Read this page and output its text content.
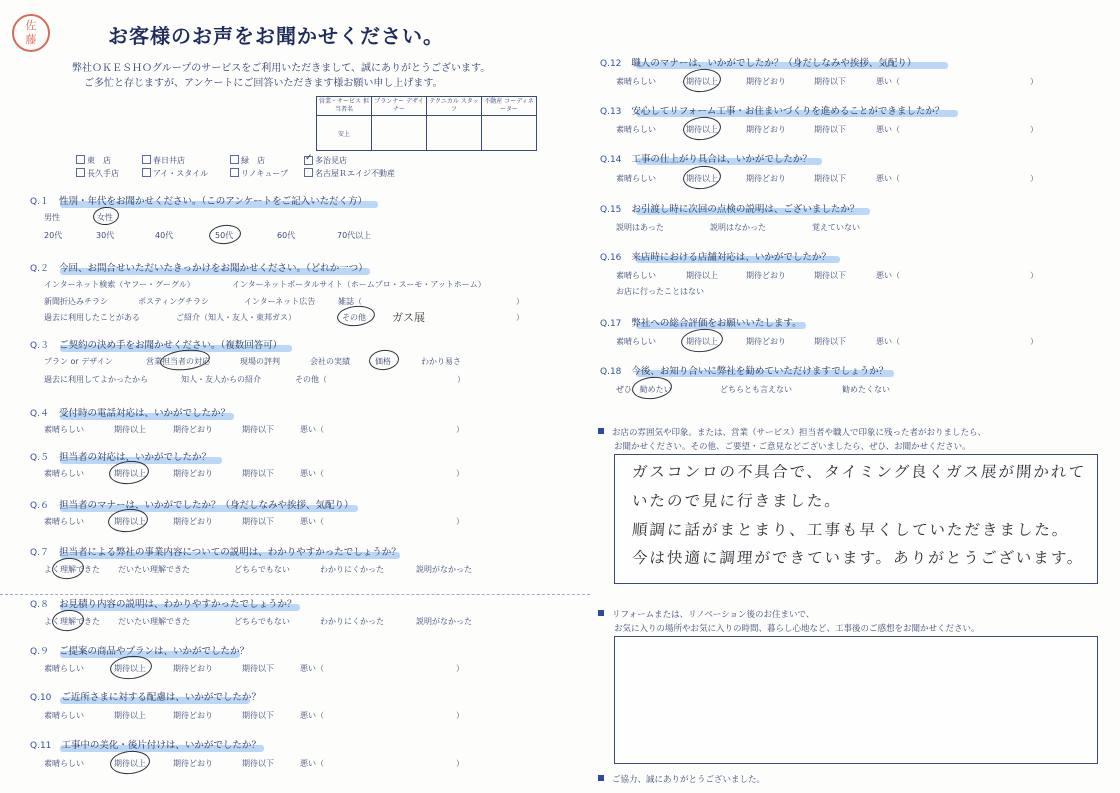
佐
藤	お客様のお声をお聞かせください。
弊社ＯＫＥＳＨＯグループのサービスをご利用いただきまして、誠にありがとうございます。
ご多忙と存じますが、アンケートにご回答いただきます様お願い申し上げます。
営業・サービス 担当者名	プランナー デザイナー	テクニカル スタッフ	不動産 コーディネーター
安上			
東　店	春日井店	緑　店 ✓	多治見店
長久手店	アイ・スタイル	リノキューブ	名古屋Ｒエイジ不動産
Q.１ 性別・年代をお聞かせください。（このアンケートをご記入いただく方）
男性	女性
20代	30代	40代	50代	60代	70代以上
Q.２ 今回、お問合せいただいたきっかけをお聞かせください。（どれか一つ）
インターネット検索（ヤフー・グーグル）	インターネットポータルサイト（ホームプロ・スーモ・アットホーム）
新聞折込みチラシ	ポスティングチラシ	インターネット広告	雑誌（	）
過去に利用したことがある	ご紹介（知人・友人・東邦ガス）	その他 ガス展	）
Q.３ ご契約の決め手をお聞かせください。（複数回答可）
プラン or デザイン	営業担当者の対応	現場の評判	会社の実績	価格	わかり易さ
過去に利用してよかったから	知人・友人からの紹介	その他（	）
Q.４ 受付時の電話対応は、いかがでしたか？
素晴らしい	期待以上	期待どおり	期待以下	悪い（	）
Q.５ 担当者の対応は、いかがでしたか？
素晴らしい	期待以上	期待どおり	期待以下	悪い（	）
Q.６ 担当者のマナーは、いかがでしたか？（身だしなみや挨拶、気配り）
素晴らしい	期待以上	期待どおり	期待以下	悪い（	）
Q.７ 担当者による弊社の事業内容についての説明は、わかりやすかったでしょうか？
よく理解できた だいたい理解できた	どちらでもない	わかりにくかった	説明がなかった
Q.８ お見積り内容の説明は、わかりやすかったでしょうか？
よく理解できた だいたい理解できた	どちらでもない	わかりにくかった	説明がなかった
Q.９ ご提案の商品やプランは、いかがでしたか？
素晴らしい	期待以上	期待どおり	期待以下	悪い（	）
Q.10 ご近所さまに対する配慮は、いかがでしたか？
素晴らしい	期待以上	期待どおり	期待以下	悪い（	）
Q.11 工事中の美化・後片付けは、いかがでしたか？
素晴らしい	期待以上	期待どおり	期待以下	悪い（	）
Q.12 職人のマナーは、いかがでしたか？（身だしなみや挨拶、気配り）
素晴らしい	期待以上	期待どおり	期待以下	悪い（	）
Q.13 安心してリフォーム工事・お住まいづくりを進めることができましたか？
素晴らしい	期待以上	期待どおり	期待以下	悪い（	）
Q.14 工事の仕上がり具合は、いかがでしたか？
素晴らしい	期待以上	期待どおり	期待以下	悪い（	）
Q.15 お引渡し時に次回の点検の説明は、ございましたか？
説明はあった	説明はなかった	覚えていない
Q.16 来店時における店舗対応は、いかがでしたか？
素晴らしい	期待以上	期待どおり	期待以下	悪い（	）
お店に行ったことはない
Q.17 弊社への総合評価をお願いいたします。
素晴らしい	期待以上	期待どおり	期待以下	悪い（	）
Q.18 今後、お知り合いに弊社を勧めていただけますでしょうか？
ぜひ、勧めたい	どちらとも言えない	勧めたくない
お店の雰囲気や印象。または、営業（サービス）担当者や職人で印象に残った者がおりましたら、
お聞かせください。その他、ご要望・ご意見などございましたら、ぜひ、お聞かせください。
ガスコンロの不具合で、タイミング良くガス展が開かれて
いたので見に行きました。
順調に話がまとまり、工事も早くしていただきました。
今は快適に調理ができています。ありがとうございます。
リフォームまたは、リノベーション後のお住まいで、
お気に入りの場所やお気に入りの時間、暮らし心地など、工事後のご感想をお聞かせください。
ご協力、誠にありがとうございました。
